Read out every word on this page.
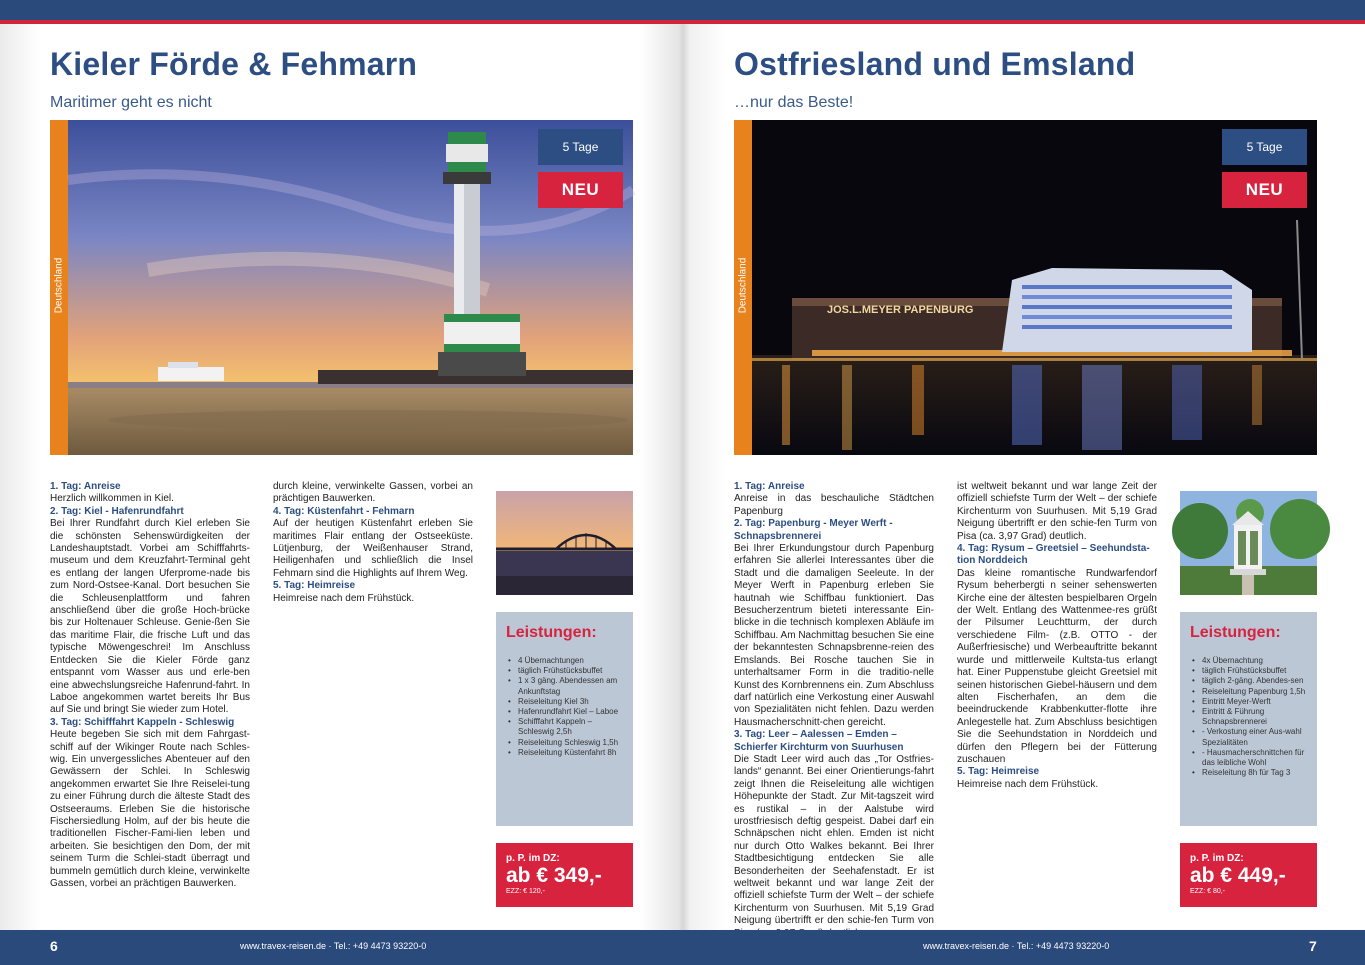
Kieler Förde & Fehmarn
Maritimer geht es nicht
Deutschland
5 Tage
NEU

1. Tag: Anreise

Herzlich willkommen in Kiel.

2. Tag: Kiel - Hafenrundfahrt

Bei Ihrer Rundfahrt durch Kiel erleben Sie die schönsten Sehenswürdigkeiten der Landeshauptstadt. Vorbei am Schifffahrts-museum und dem Kreuzfahrt-Terminal geht es entlang der langen Uferprome-nade bis zum Nord-Ostsee-Kanal. Dort besuchen Sie die Schleusenplattform und fahren anschließend über die große Hoch-brücke bis zur Holtenauer Schleuse. Genie-ßen Sie das maritime Flair, die frische Luft und das typische Möwengeschrei! Im Anschluss Entdecken Sie die Kieler Förde ganz entspannt vom Wasser aus und erle-ben eine abwechslungsreiche Hafenrund-fahrt. In Laboe angekommen wartet bereits Ihr Bus auf Sie und bringt Sie wieder zum Hotel.

3. Tag: Schifffahrt Kappeln - Schleswig

Heute begeben Sie sich mit dem Fahrgast-schiff auf der Wikinger Route nach Schles-wig. Ein unvergessliches Abenteuer auf den Gewässern der Schlei. In Schleswig angekommen erwartet Sie Ihre Reiselei-tung zu einer Führung durch die älteste Stadt des Ostseeraums. Erleben Sie die historische Fischersiedlung Holm, auf der bis heute die traditionellen Fischer-Fami-lien leben und arbeiten. Sie besichtigen den Dom, der mit seinem Turm die Schlei-stadt überragt und bummeln gemütlich durch kleine, verwinkelte Gassen, vorbei an prächtigen Bauwerken.

durch kleine, verwinkelte Gassen, vorbei an prächtigen Bauwerken.

4. Tag: Küstenfahrt - Fehmarn

Auf der heutigen Küstenfahrt erleben Sie maritimes Flair entlang der Ostseeküste. Lütjenburg, der Weißenhauser Strand, Heiligenhafen und schließlich die Insel Fehmarn sind die Highlights auf Ihrem Weg.

5. Tag: Heimreise

Heimreise nach dem Frühstück.

Leistungen:
• 4 Übernachtungen
• täglich Frühstücksbuffet
• 1 x 3 gäng. Abendessen am Ankunftstag
• Reiseleitung Kiel 3h
• Hafenrundfahrt Kiel – Laboe
• Schifffahrt Kappeln – Schleswig 2,5h
• Reiseleitung Schleswig 1,5h
• Reiseleitung Küstenfahrt 8h
p. P. im DZ:
ab € 349,-
EZZ: € 120,-
Ostfriesland und Emsland
…nur das Beste!
Deutschland	JOS.L.MEYER PAPENBURG
5 Tage
NEU

1. Tag: Anreise

Anreise in das beschauliche Städtchen Papenburg

2. Tag: Papenburg - Meyer Werft - Schnapsbrennerei

Bei Ihrer Erkundungstour durch Papenburg erfahren Sie allerlei Interessantes über die Stadt und die damaligen Seeleute. In der Meyer Werft in Papenburg erleben Sie hautnah wie Schiffbau funktioniert. Das Besucherzentrum bieteti interessante Ein-blicke in die technisch komplexen Abläufe im Schiffbau. Am Nachmittag besuchen Sie eine der bekanntesten Schnapsbrenne-reien des Emslands. Bei Rosche tauchen Sie in unterhaltsamer Form in die traditio-nelle Kunst des Kornbrennens ein. Zum Abschluss darf natürlich eine Verkostung einer Auswahl von Spezialitäten nicht fehlen. Dazu werden Hausmacherschnitt-chen gereicht.

3. Tag: Leer – Aalessen – Emden – Schierfer Kirchturm von Suurhusen

Die Stadt Leer wird auch das „Tor Ostfries-lands“ genannt. Bei einer Orientierungs-fahrt zeigt Ihnen die Reiseleitung alle wichtigen Höhepunkte der Stadt. Zur Mit-tagszeit wird es rustikal – in der Aalstube wird urostfriesisch deftig gespeist. Dabei darf ein Schnäpschen nicht ehlen. Emden ist nicht nur durch Otto Walkes bekannt. Bei Ihrer Stadtbesichtigung entdecken Sie alle Besonderheiten der Seehafenstadt. Er ist weltweit bekannt und war lange Zeit der offiziell schiefste Turm der Welt – der schiefe Kirchenturm von Suurhusen. Mit 5,19 Grad Neigung übertrifft er den schie-fen Turm von

ist weltweit bekannt und war lange Zeit der offiziell schiefste Turm der Welt – der schiefe Kirchenturm von Suurhusen. Mit 5,19 Grad Neigung übertrifft er den schie-fen Turm von Pisa (ca. 3,97 Grad) deutlich.

4. Tag: Rysum – Greetsiel – Seehundsta-tion Norddeich

Das kleine romantische Rundwarfendorf Rysum beherbergti n seiner sehenswerten Kirche eine der ältesten bespielbaren Orgeln der Welt. Entlang des Wattenmee-res grüßt der Pilsumer Leuchtturm, der durch verschiedene Film- (z.B. OTTO - der Außerfriesische) und Werbeauftritte bekannt wurde und mittlerweile Kultsta-tus erlangt hat. Einer Puppenstube gleicht Greetsiel mit seinen historischen Giebel-häusern und dem alten Fischerhafen, an dem die beeindruckende Krabbenkutter-flotte ihre Anlegestelle hat. Zum Abschluss besichtigen Sie die Seehundstation in Norddeich und dürfen den Pflegern bei der Fütterung zuschauen

5. Tag: Heimreise

Heimreise nach dem Frühstück.

Leistungen:
• 4x Übernachtung
• täglich Frühstücksbuffet
• täglich 2-gäng. Abendes-sen
• Reiseleitung Papenburg 1,5h
• Eintritt Meyer-Werft
• Eintritt & Führung Schnapsbrennerei
• - Verkostung einer Aus-wahl Spezialitäten
• - Hausmacherschnittchen für das leibliche Wohl
• Reiseleitung 8h für Tag 3
p. P. im DZ:
ab € 449,-
EZZ: € 80,-
6	www.travex-reisen.de · Tel.: +49 4473 93220-0	www.travex-reisen.de · Tel.: +49 4473 93220-0	7
